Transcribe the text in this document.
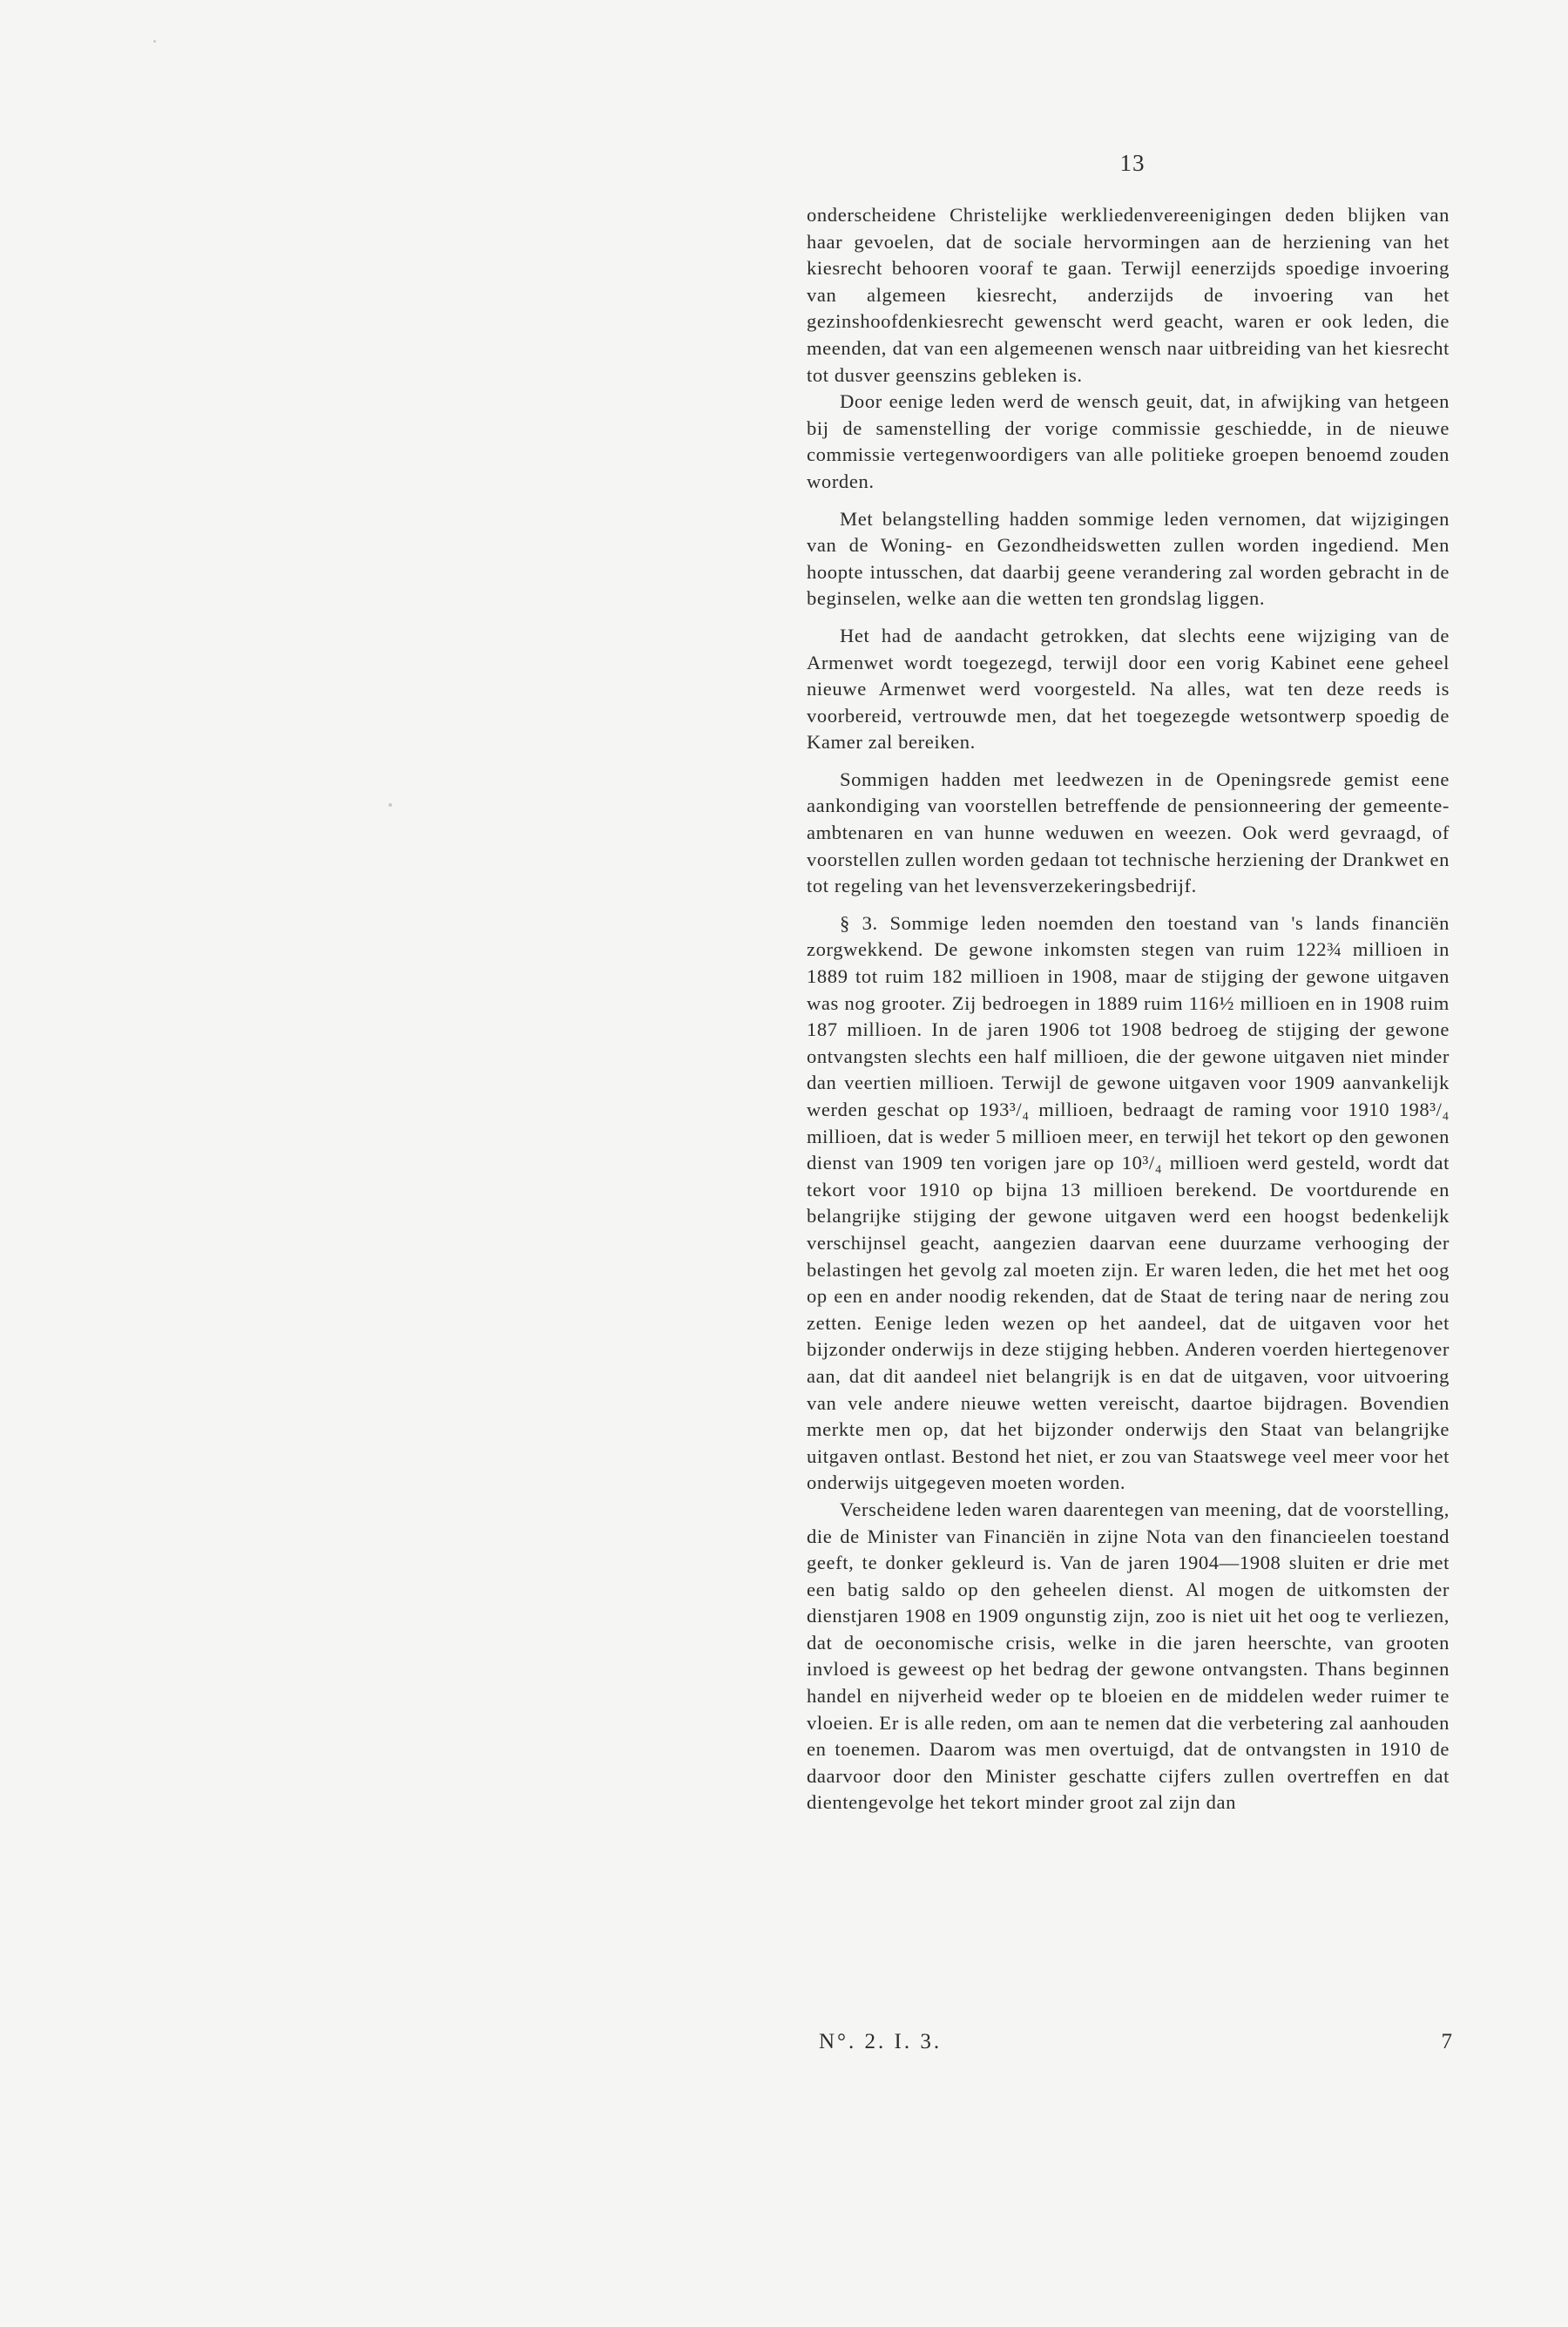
13

onderscheidene Christelijke werkliedenvereenigingen deden blijken van haar gevoelen, dat de sociale hervormingen aan de herziening van het kiesrecht behooren vooraf te gaan. Terwijl eenerzijds spoedige invoering van algemeen kiesrecht, anderzijds de invoering van het gezinshoofdenkiesrecht gewenscht werd geacht, waren er ook leden, die meenden, dat van een algemeenen wensch naar uitbreiding van het kiesrecht tot dusver geenszins gebleken is.

Door eenige leden werd de wensch geuit, dat, in afwijking van hetgeen bij de samenstelling der vorige commissie geschiedde, in de nieuwe commissie vertegenwoordigers van alle politieke groepen benoemd zouden worden.

Met belangstelling hadden sommige leden vernomen, dat wijzigingen van de Woning- en Gezondheidswetten zullen worden ingediend. Men hoopte intusschen, dat daarbij geene verandering zal worden gebracht in de beginselen, welke aan die wetten ten grondslag liggen.

Het had de aandacht getrokken, dat slechts eene wijziging van de Armenwet wordt toegezegd, terwijl door een vorig Kabinet eene geheel nieuwe Armenwet werd voorgesteld. Na alles, wat ten deze reeds is voorbereid, vertrouwde men, dat het toegezegde wetsontwerp spoedig de Kamer zal bereiken.

Sommigen hadden met leedwezen in de Openingsrede gemist eene aankondiging van voorstellen betreffende de pensionneering der gemeente-ambtenaren en van hunne weduwen en weezen. Ook werd gevraagd, of voorstellen zullen worden gedaan tot technische herziening der Drankwet en tot regeling van het levensverzekeringsbedrijf.

§ 3. Sommige leden noemden den toestand van 's lands financiën zorgwekkend. De gewone inkomsten stegen van ruim 122¾ millioen in 1889 tot ruim 182 millioen in 1908, maar de stijging der gewone uitgaven was nog grooter. Zij bedroegen in 1889 ruim 116½ millioen en in 1908 ruim 187 millioen. In de jaren 1906 tot 1908 bedroeg de stijging der gewone ontvangsten slechts een half millioen, die der gewone uitgaven niet minder dan veertien millioen. Terwijl de gewone uitgaven voor 1909 aanvankelijk werden geschat op 193³/₄ millioen, bedraagt de raming voor 1910 198³/₄ millioen, dat is weder 5 millioen meer, en terwijl het tekort op den gewonen dienst van 1909 ten vorigen jare op 10³/₄ millioen werd gesteld, wordt dat tekort voor 1910 op bijna 13 millioen berekend. De voortdurende en belangrijke stijging der gewone uitgaven werd een hoogst bedenkelijk verschijnsel geacht, aangezien daarvan eene duurzame verhooging der belastingen het gevolg zal moeten zijn. Er waren leden, die het met het oog op een en ander noodig rekenden, dat de Staat de tering naar de nering zou zetten. Eenige leden wezen op het aandeel, dat de uitgaven voor het bijzonder onderwijs in deze stijging hebben. Anderen voerden hiertegenover aan, dat dit aandeel niet belangrijk is en dat de uitgaven, voor uitvoering van vele andere nieuwe wetten vereischt, daartoe bijdragen. Bovendien merkte men op, dat het bijzonder onderwijs den Staat van belangrijke uitgaven ontlast. Bestond het niet, er zou van Staatswege veel meer voor het onderwijs uitgegeven moeten worden.

Verscheidene leden waren daarentegen van meening, dat de voorstelling, die de Minister van Financiën in zijne Nota van den financieelen toestand geeft, te donker gekleurd is. Van de jaren 1904—1908 sluiten er drie met een batig saldo op den geheelen dienst. Al mogen de uitkomsten der dienstjaren 1908 en 1909 ongunstig zijn, zoo is niet uit het oog te verliezen, dat de oeconomische crisis, welke in die jaren heerschte, van grooten invloed is geweest op het bedrag der gewone ontvangsten. Thans beginnen handel en nijverheid weder op te bloeien en de middelen weder ruimer te vloeien. Er is alle reden, om aan te nemen dat die verbetering zal aanhouden en toenemen. Daarom was men overtuigd, dat de ontvangsten in 1910 de daarvoor door den Minister geschatte cijfers zullen overtreffen en dat dientengevolge het tekort minder groot zal zijn dan

N°. 2. I. 3.	7
